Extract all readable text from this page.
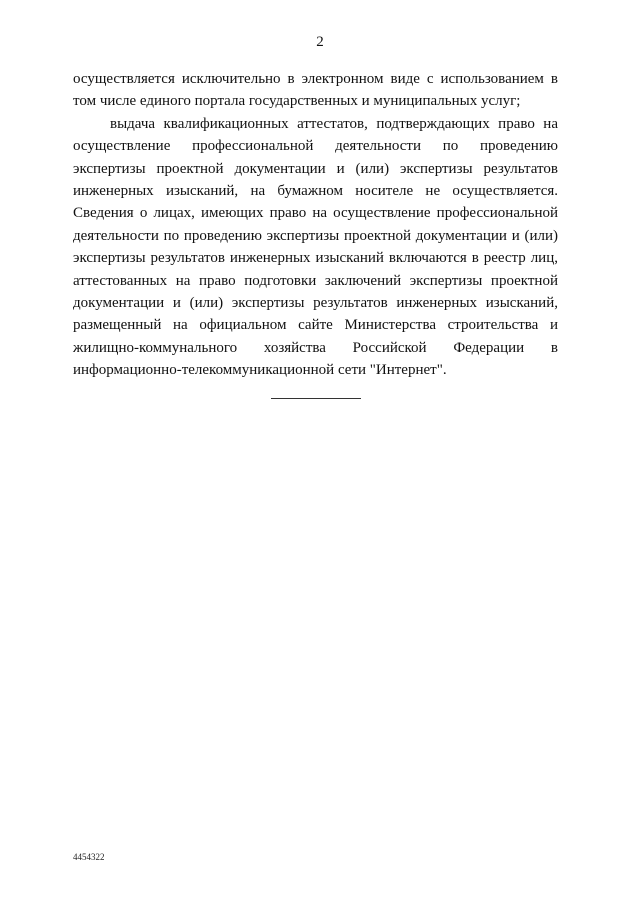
2

осуществляется исключительно в электронном виде с использованием в том числе единого портала государственных и муниципальных услуг;

выдача квалификационных аттестатов, подтверждающих право на осуществление профессиональной деятельности по проведению экспертизы проектной документации и (или) экспертизы результатов инженерных изысканий, на бумажном носителе не осуществляется. Сведения о лицах, имеющих право на осуществление профессиональной деятельности по проведению экспертизы проектной документации и (или) экспертизы результатов инженерных изысканий включаются в реестр лиц, аттестованных на право подготовки заключений экспертизы проектной документации и (или) экспертизы результатов инженерных изысканий, размещенный на официальном сайте Министерства строительства и жилищно-коммунального хозяйства Российской Федерации в информационно-телекоммуникационной сети "Интернет".

4454322
